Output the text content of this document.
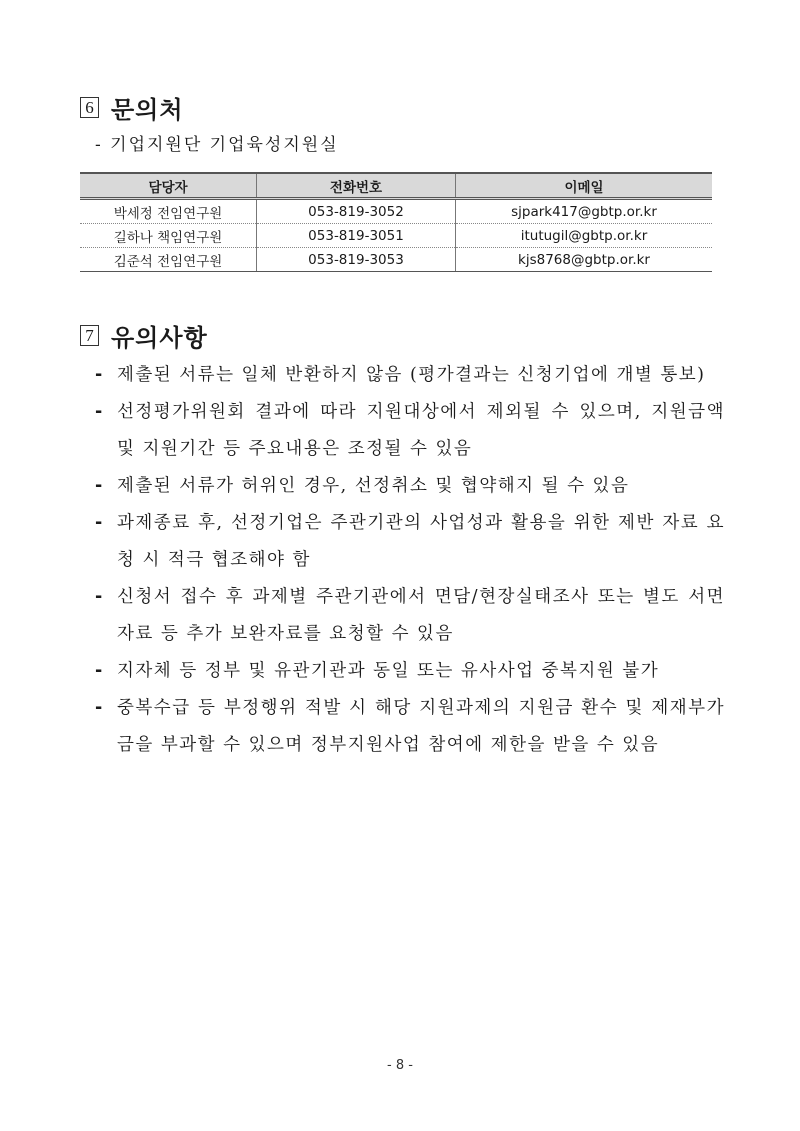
6 문의처
- 기업지원단 기업육성지원실
담당자	전화번호	이메일
박세정 전임연구원	053-819-3052	sjpark417@gbtp.or.kr
길하나 책임연구원	053-819-3051	itutugil@gbtp.or.kr
김준석 전임연구원	053-819-3053	kjs8768@gbtp.or.kr
7 유의사항
- 제출된 서류는 일체 반환하지 않음 (평가결과는 신청기업에 개별 통보)
- 선정평가위원회 결과에 따라 지원대상에서 제외될 수 있으며, 지원금액 및 지원기간 등 주요내용은 조정될 수 있음
- 제출된 서류가 허위인 경우, 선정취소 및 협약해지 될 수 있음
- 과제종료 후, 선정기업은 주관기관의 사업성과 활용을 위한 제반 자료 요청 시 적극 협조해야 함
- 신청서 접수 후 과제별 주관기관에서 면담/현장실태조사 또는 별도 서면자료 등 추가 보완자료를 요청할 수 있음
- 지자체 등 정부 및 유관기관과 동일 또는 유사사업 중복지원 불가
- 중복수급 등 부정행위 적발 시 해당 지원과제의 지원금 환수 및 제재부가금을 부과할 수 있으며 정부지원사업 참여에 제한을 받을 수 있음
- 8 -
